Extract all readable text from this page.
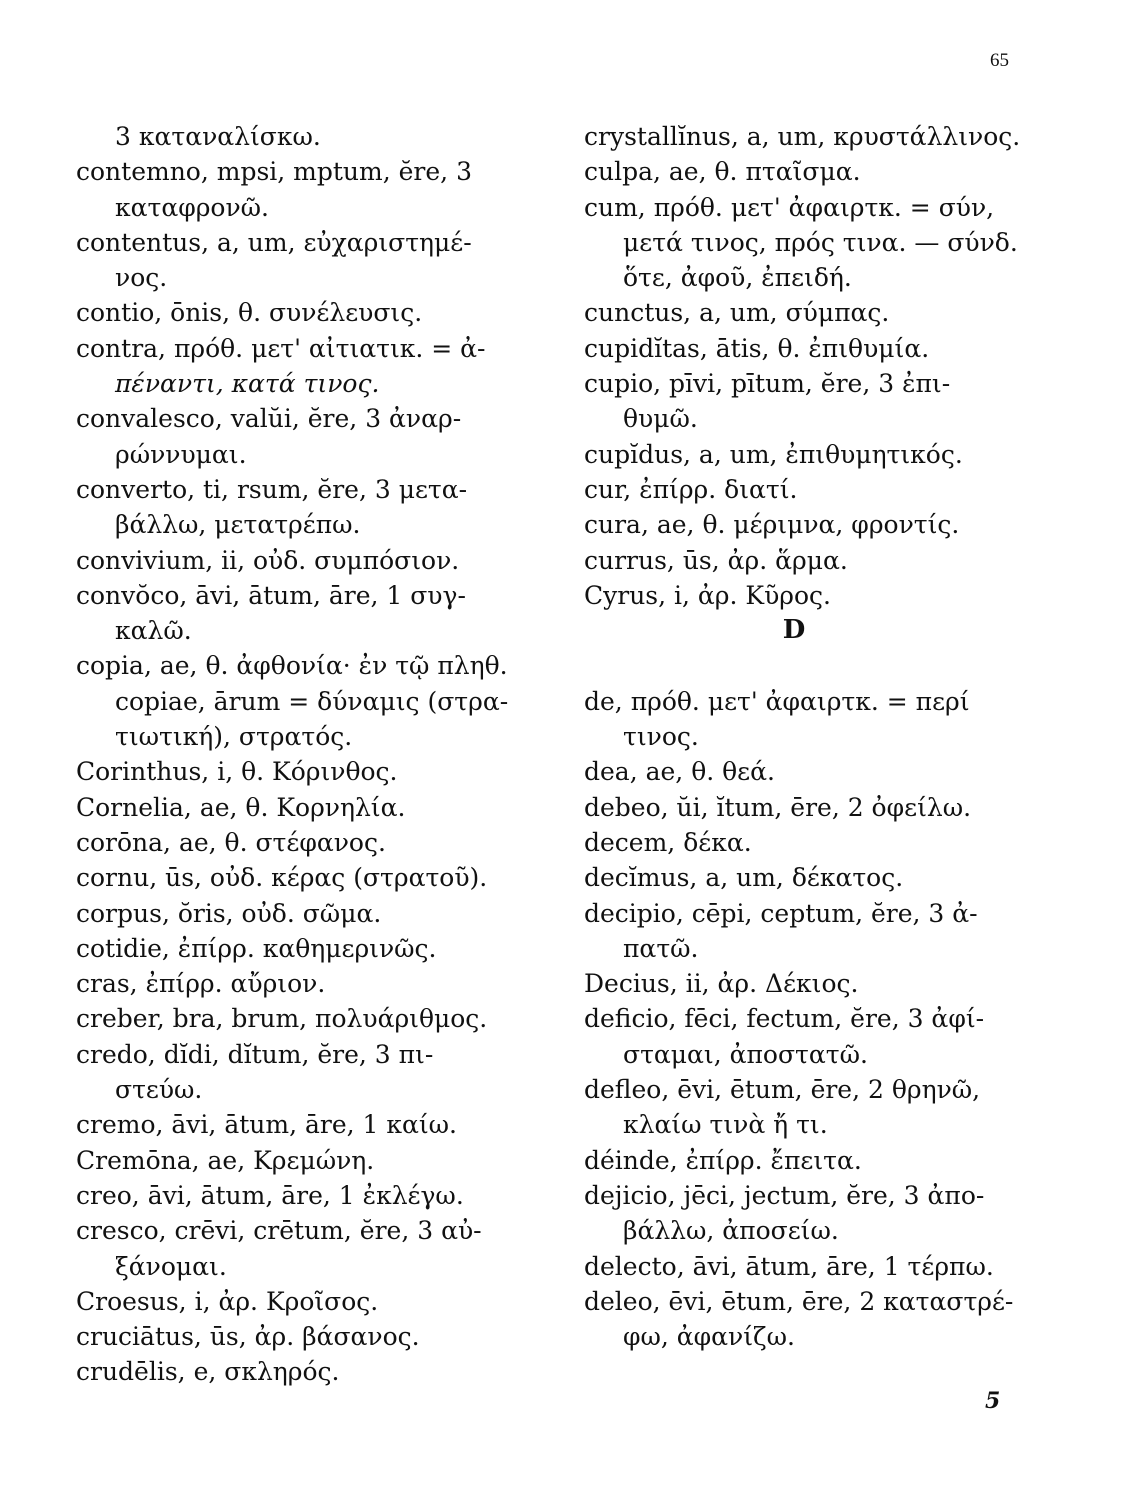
65
3 καταναλίσκω.
contemno, mpsi, mptum, ĕre, 3
καταφρονῶ.
contentus, a, um, εὐχαριστημέ-
νος.
contio, ōnis, θ. συνέλευσις.
contra, πρόθ. μετ' αἰτιατικ. = ἀ-
πέναντι, κατά τινος.
convalesco, valŭi, ĕre, 3 ἀναρ-
ρώννυμαι.
converto, ti, rsum, ĕre, 3 μετα-
βάλλω, μετατρέπω.
convivium, ii, οὐδ. συμπόσιον.
convŏco, āvi, ātum, āre, 1 συγ-
καλῶ.
copia, ae, θ. ἀφθονία· ἐν τῷ πληθ.
copiae, ārum = δύναμις (στρα-
τιωτική), στρατός.
Corinthus, i, θ. Κόρινθος.
Cornelia, ae, θ. Κορνηλία.
corōna, ae, θ. στέφανος.
cornu, ūs, οὐδ. κέρας (στρατοῦ).
corpus, ŏris, οὐδ. σῶμα.
cotidie, ἐπίρρ. καθημερινῶς.
cras, ἐπίρρ. αὔριον.
creber, bra, brum, πολυάριθμος.
credo, dĭdi, dĭtum, ĕre, 3 πι-
στεύω.
cremo, āvi, ātum, āre, 1 καίω.
Cremōna, ae, Κρεμώνη.
creo, āvi, ātum, āre, 1 ἐκλέγω.
cresco, crēvi, crētum, ĕre, 3 αὐ-
ξάνομαι.
Croesus, i, ἀρ. Κροῖσος.
cruciātus, ūs, ἀρ. βάσανος.
crudēlis, e, σκληρός.
crystallĭnus, a, um, κρυστάλλινος.
culpa, ae, θ. πταῖσμα.
cum, πρόθ. μετ' ἀφαιρτκ. = σύν,
μετά τινος, πρός τινα. — σύνδ.
ὅτε, ἀφοῦ, ἐπειδή.
cunctus, a, um, σύμπας.
cupidĭtas, ātis, θ. ἐπιθυμία.
cupio, pīvi, pītum, ĕre, 3 ἐπι-
θυμῶ.
cupĭdus, a, um, ἐπιθυμητικός.
cur, ἐπίρρ. διατί.
cura, ae, θ. μέριμνα, φροντίς.
currus, ūs, ἀρ. ἅρμα.
Cyrus, i, ἀρ. Κῦρος.
D
de, πρόθ. μετ' ἀφαιρτκ. = περί
τινος.
dea, ae, θ. θεά.
debeo, ŭi, ĭtum, ēre, 2 ὀφείλω.
decem, δέκα.
decĭmus, a, um, δέκατος.
decipio, cēpi, ceptum, ĕre, 3 ἀ-
πατῶ.
Decius, ii, ἀρ. Δέκιος.
deficio, fēci, fectum, ĕre, 3 ἀφί-
σταμαι, ἀποστατῶ.
defleo, ēvi, ētum, ēre, 2 θρηνῶ,
κλαίω τινὰ ἤ τι.
déinde, ἐπίρρ. ἔπειτα.
dejicio, jēci, jectum, ĕre, 3 ἀπο-
βάλλω, ἀποσείω.
delecto, āvi, ātum, āre, 1 τέρπω.
deleo, ēvi, ētum, ēre, 2 καταστρέ-
φω, ἀφανίζω.
5
